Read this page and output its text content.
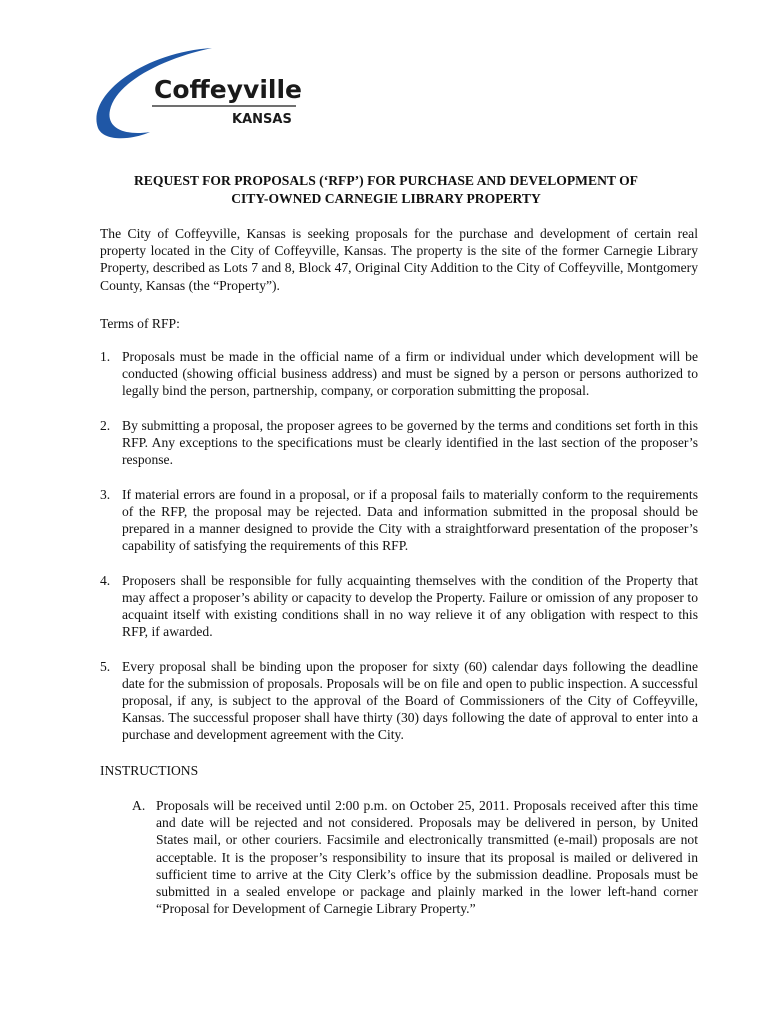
Coffeyville
KANSAS
REQUEST FOR PROPOSALS (‘RFP’) FOR PURCHASE AND DEVELOPMENT OF
CITY-OWNED CARNEGIE LIBRARY PROPERTY
The City of Coffeyville, Kansas is seeking proposals for the purchase and development of certain real property located in the City of Coffeyville, Kansas. The property is the site of the former Carnegie Library Property, described as Lots 7 and 8, Block 47, Original City Addition to the City of Coffeyville, Montgomery County, Kansas (the “Property”).
Terms of RFP:
1. Proposals must be made in the official name of a firm or individual under which development will be conducted (showing official business address) and must be signed by a person or persons authorized to legally bind the person, partnership, company, or corporation submitting the proposal.
2. By submitting a proposal, the proposer agrees to be governed by the terms and conditions set forth in this RFP. Any exceptions to the specifications must be clearly identified in the last section of the proposer’s response.
3. If material errors are found in a proposal, or if a proposal fails to materially conform to the requirements of the RFP, the proposal may be rejected. Data and information submitted in the proposal should be prepared in a manner designed to provide the City with a straightforward presentation of the proposer’s capability of satisfying the requirements of this RFP.
4. Proposers shall be responsible for fully acquainting themselves with the condition of the Property that may affect a proposer’s ability or capacity to develop the Property. Failure or omission of any proposer to acquaint itself with existing conditions shall in no way relieve it of any obligation with respect to this RFP, if awarded.
5. Every proposal shall be binding upon the proposer for sixty (60) calendar days following the deadline date for the submission of proposals. Proposals will be on file and open to public inspection. A successful proposal, if any, is subject to the approval of the Board of Commissioners of the City of Coffeyville, Kansas. The successful proposer shall have thirty (30) days following the date of approval to enter into a purchase and development agreement with the City.
INSTRUCTIONS
A. Proposals will be received until 2:00 p.m. on October 25, 2011. Proposals received after this time and date will be rejected and not considered. Proposals may be delivered in person, by United States mail, or other couriers. Facsimile and electronically transmitted (e-mail) proposals are not acceptable. It is the proposer’s responsibility to insure that its proposal is mailed or delivered in sufficient time to arrive at the City Clerk’s office by the submission deadline. Proposals must be submitted in a sealed envelope or package and plainly marked in the lower left-hand corner “Proposal for Development of Carnegie Library Property.”
